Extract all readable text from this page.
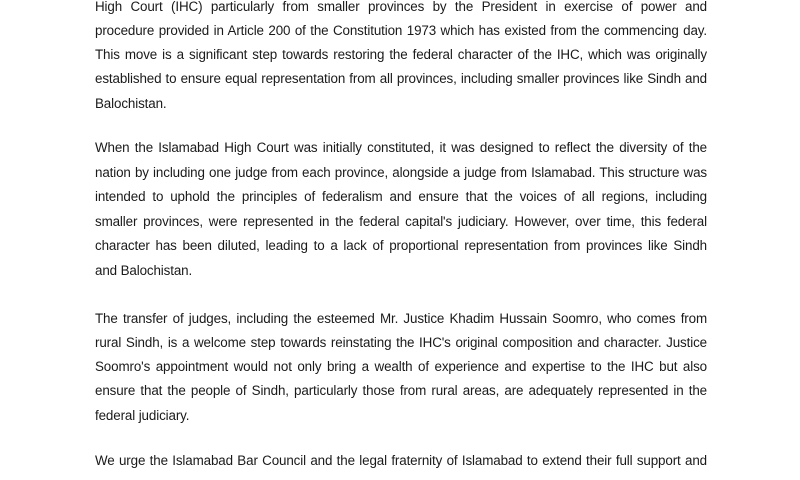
High Court (IHC) particularly from smaller provinces by the President in exercise of power and
procedure provided in Article 200 of the Constitution 1973 which has existed from the commencing day.
This move is a significant step towards restoring the federal character of the IHC, which was originally
established to ensure equal representation from all provinces, including smaller provinces like Sindh and
Balochistan.
When the Islamabad High Court was initially constituted, it was designed to reflect the diversity of the
nation by including one judge from each province, alongside a judge from Islamabad. This structure was
intended to uphold the principles of federalism and ensure that the voices of all regions, including
smaller provinces, were represented in the federal capital's judiciary. However, over time, this federal
character has been diluted, leading to a lack of proportional representation from provinces like Sindh
and Balochistan.
The transfer of judges, including the esteemed Mr. Justice Khadim Hussain Soomro, who comes from
rural Sindh, is a welcome step towards reinstating the IHC's original composition and character. Justice
Soomro's appointment would not only bring a wealth of experience and expertise to the IHC but also
ensure that the people of Sindh, particularly those from rural areas, are adequately represented in the
federal judiciary.
We urge the Islamabad Bar Council and the legal fraternity of Islamabad to extend their full support and
